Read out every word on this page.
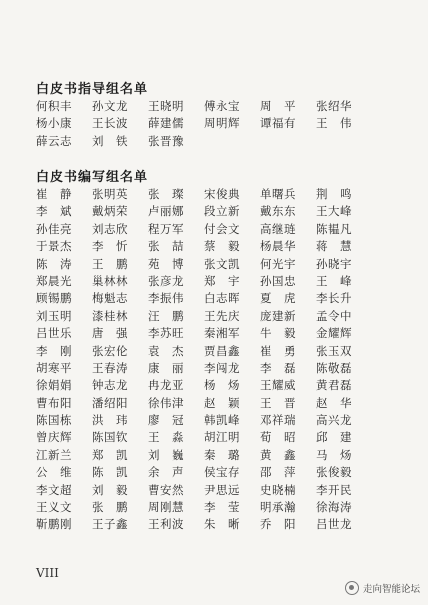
白皮书指导组名单
何积丰	孙文龙	王晓明	傅永宝	周　平	张绍华
杨小康	王长波	薛建儒	周明辉	谭福有	王　伟
薛云志	刘　铁	张晋豫
白皮书编写组名单
崔　静	张明英	张　璨	宋俊典	单曙兵	荆　鸣
李　斌	戴炳荣	卢丽娜	段立新	戴东东	王大峰
孙佳亮	刘志欣	程万军	付会文	高继琏	陈韫凡
于景杰	李　忻	张　喆	蔡　毅	杨晨华	蒋　慧
陈　涛	王　鹏	苑　博	张文凯	何光宇	孙晓宇
郑晨光	巢林林	张彦龙	郑　宇	孙国忠	王　峰
顾锡鹏	梅魁志	李振伟	白志晖	夏　虎	李长升
刘玉明	漆桂林	汪　鹏	王先庆	庞建新	孟令中
吕世乐	唐　强	李苏旺	秦湘军	牛　毅	金耀辉
李　刚	张宏伦	袁　杰	贾昌鑫	崔　勇	张玉双
胡寒平	王春涛	康　丽	李闯龙	李　磊	陈敬磊
徐娟娟	钟志龙	冉龙亚	杨　炀	王耀威	黄君磊
曹布阳	潘绍阳	徐伟津	赵　颖	王　晋	赵　华
陈国栋	洪　玮	廖　冠	韩凯峰	邓祥瑞	高兴龙
曾庆辉	陈国钦	王　淼	胡江明	荀　昭	邱　建
江新兰	郑　凯	刘　巍	秦　璐	黄　鑫	马　炀
公　维	陈　凯	余　声	侯宝存	邵　萍	张俊毅
李文超	刘　毅	曹安然	尹思远	史晓楠	李开民
王义文	张　鹏	周刚慧	李　莹	明承瀚	徐海涛
靳鹏刚	王子鑫	王利波	朱　晰	乔　阳	吕世龙
VIII
走向智能论坛
